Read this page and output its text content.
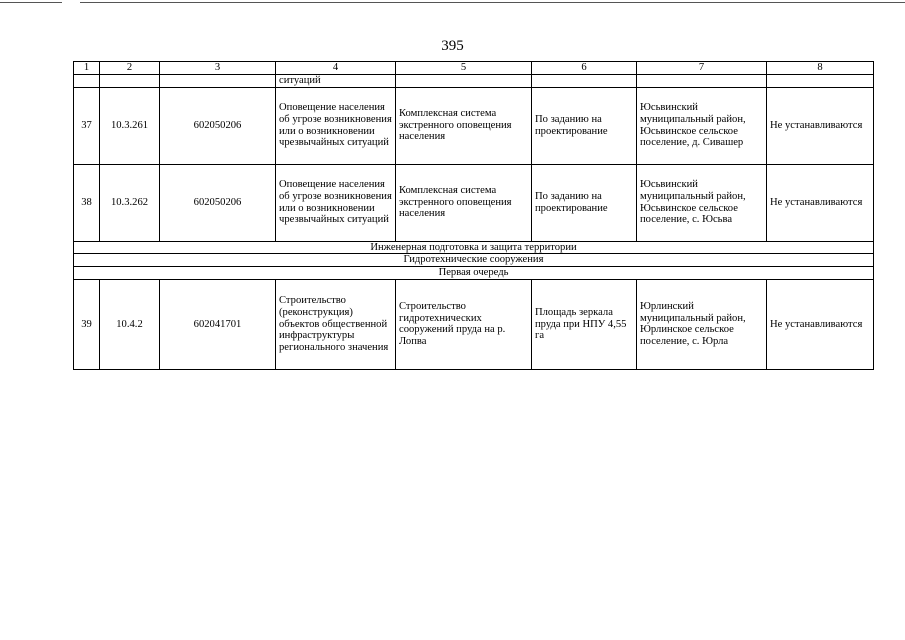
395
1	2	3	4	5	6	7	8
			ситуаций				
37	10.3.261	602050206	Оповещение населения об угрозе возникновения или о возникновении чрезвычайных ситуаций	Комплексная система экстренного оповещения населения	По заданию на проектирование	Юсьвинский муниципальный район, Юсьвинское сельское поселение, д. Сивашер	Не устанавливаются
38	10.3.262	602050206	Оповещение населения об угрозе возникновения или о возникновении чрезвычайных ситуаций	Комплексная система экстренного оповещения населения	По заданию на проектирование	Юсьвинский муниципальный район, Юсьвинское сельское поселение, с. Юсьва	Не устанавливаются
Инженерная подготовка и защита территории							
Гидротехнические сооружения							
Первая очередь							
39	10.4.2	602041701	Строительство (реконструкция) объектов общественной инфраструктуры регионального значения	Строительство гидротехнических сооружений пруда на р. Лопва	Площадь зеркала пруда при НПУ 4,55 га	Юрлинский муниципальный район, Юрлинское сельское поселение, с. Юрла	Не устанавливаются
